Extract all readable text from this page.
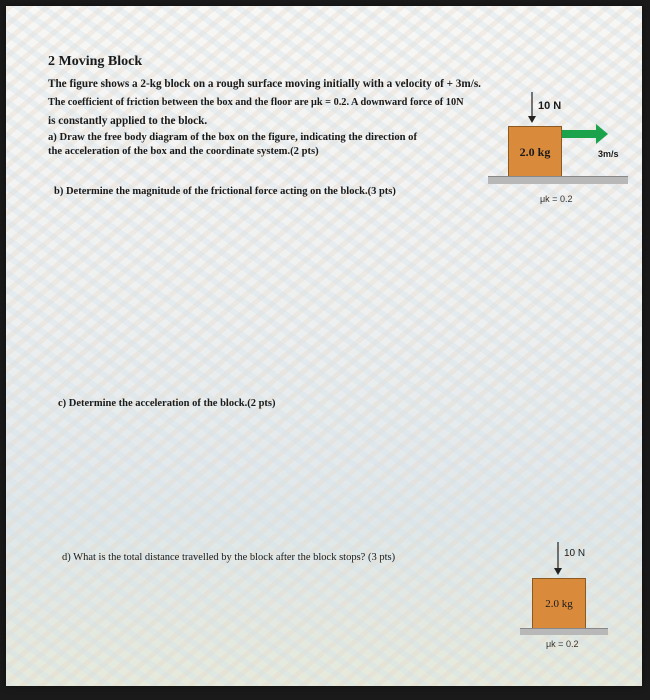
2 Moving Block
The figure shows a 2-kg block on a rough surface moving initially with a velocity of + 3m/s.
The coefficient of friction between the box and the floor are μk = 0.2. A downward force of 10N
is constantly applied to the block.
a) Draw the free body diagram of the box on the figure, indicating the direction of
the acceleration of the box and the coordinate system.(2 pts)
b) Determine the magnitude of the frictional force acting on the block.(3 pts)
c) Determine the acceleration of the block.(2 pts)
d) What is the total distance travelled by the block after the block stops? (3 pts)
10 N
2.0 kg	3m/s
μk = 0.2
10 N
2.0 kg
μk = 0.2
